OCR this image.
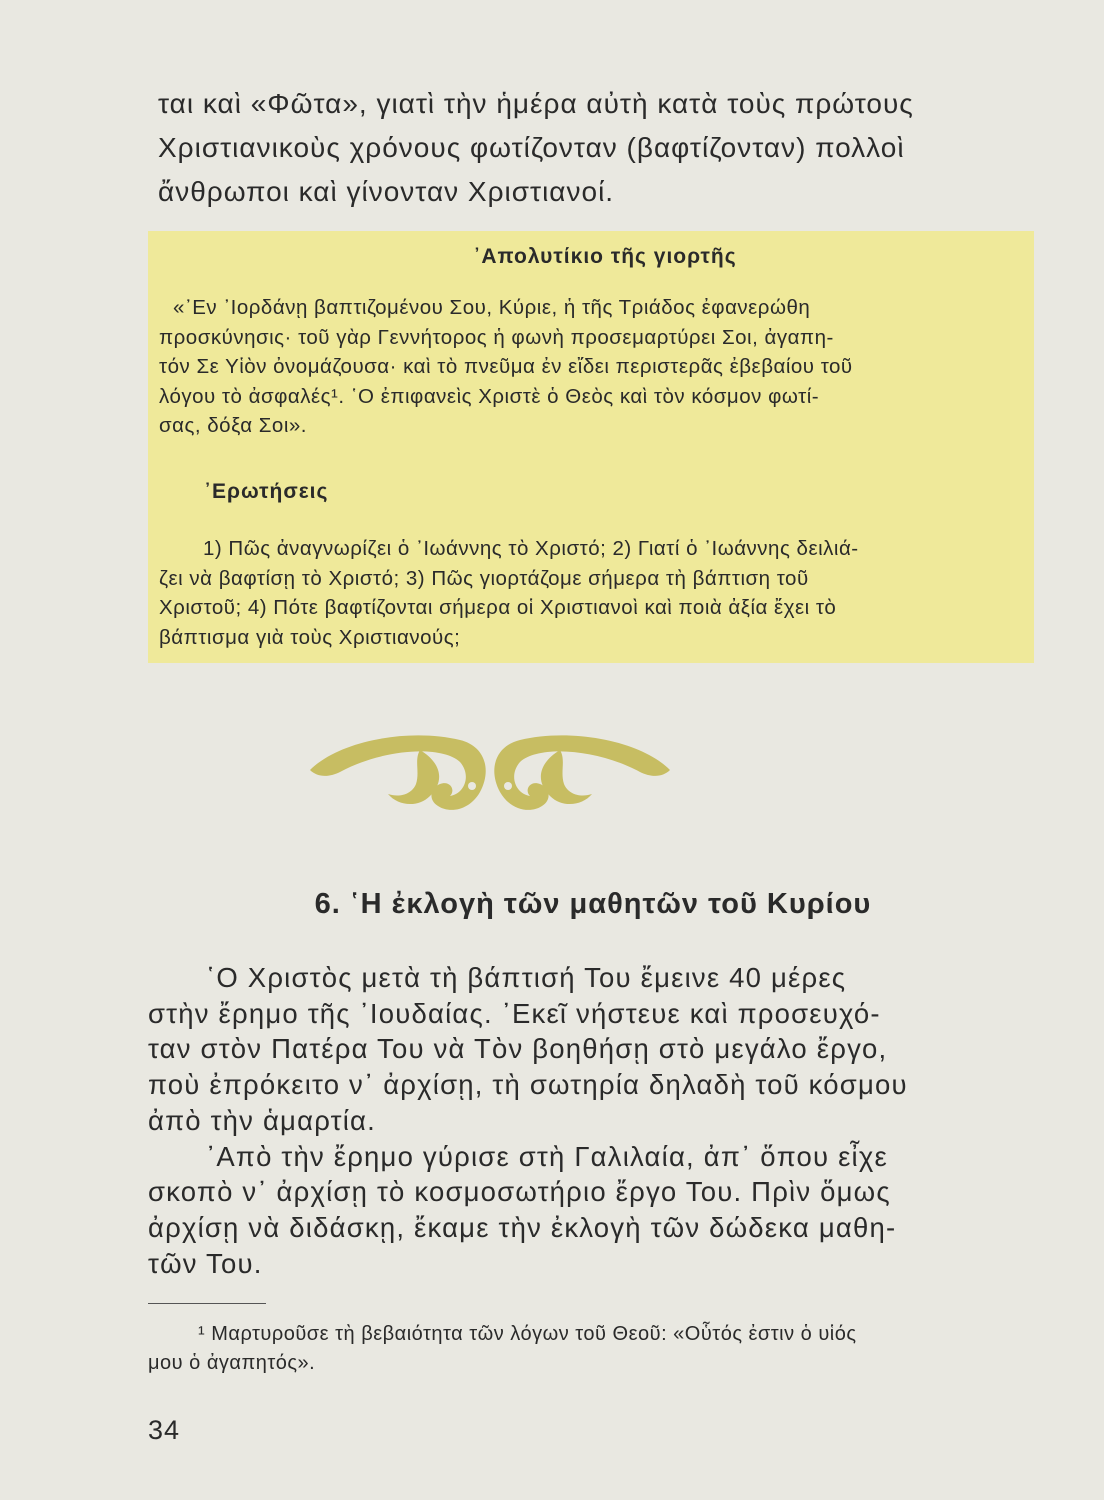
ται καὶ «Φῶτα», γιατὶ τὴν ἡμέρα αὐτὴ κατὰ τοὺς πρώτους
Χριστιανικοὺς χρόνους φωτίζονταν (βαφτίζονταν) πολλοὶ
ἄνθρωποι καὶ γίνονταν Χριστιανοί.

᾿Απολυτίκιο τῆς γιορτῆς

«᾿Εν ᾿Ιορδάνῃ βαπτιζομένου Σου, Κύριε, ἡ τῆς Τριάδος ἐφανερώθη
προσκύνησις· τοῦ γὰρ Γεννήτορος ἡ φωνὴ προσεμαρτύρει Σοι, ἀγαπη-
τόν Σε Υἱὸν ὀνομάζουσα· καὶ τὸ πνεῦμα ἐν εἴδει περιστερᾶς ἐβεβαίου τοῦ
λόγου τὸ ἀσφαλές¹. ῾Ο ἐπιφανεὶς Χριστὲ ὁ Θεὸς καὶ τὸν κόσμον φωτί-
σας, δόξα Σοι».

᾿Ερωτήσεις

1) Πῶς ἀναγνωρίζει ὁ ᾿Ιωάννης τὸ Χριστό; 2) Γιατί ὁ ᾿Ιωάννης δειλιά-
ζει νὰ βαφτίσῃ τὸ Χριστό; 3) Πῶς γιορτάζομε σήμερα τὴ βάπτιση τοῦ
Χριστοῦ; 4) Πότε βαφτίζονται σήμερα οἱ Χριστιανοὶ καὶ ποιὰ ἀξία ἔχει τὸ
βάπτισμα γιὰ τοὺς Χριστιανούς;

6. ῾Η ἐκλογὴ τῶν μαθητῶν τοῦ Κυρίου

῾Ο Χριστὸς μετὰ τὴ βάπτισή Του ἔμεινε 40 μέρες
στὴν ἔρημο τῆς ᾿Ιουδαίας. ᾿Εκεῖ νήστευε καὶ προσευχό-
ταν στὸν Πατέρα Του νὰ Τὸν βοηθήσῃ στὸ μεγάλο ἔργο,
ποὺ ἐπρόκειτο ν᾿ ἀρχίσῃ, τὴ σωτηρία δηλαδὴ τοῦ κόσμου
ἀπὸ τὴν ἁμαρτία.
᾿Απὸ τὴν ἔρημο γύρισε στὴ Γαλιλαία, ἀπ᾿ ὅπου εἶχε
σκοπὸ ν᾿ ἀρχίσῃ τὸ κοσμοσωτήριο ἔργο Του. Πρὶν ὅμως
ἀρχίσῃ νὰ διδάσκῃ, ἔκαμε τὴν ἐκλογὴ τῶν δώδεκα μαθη-
τῶν Του.

¹ Μαρτυροῦσε τὴ βεβαιότητα τῶν λόγων τοῦ Θεοῦ: «Οὗτός ἐστιν ὁ υἱός
μου ὁ ἀγαπητός».

34
